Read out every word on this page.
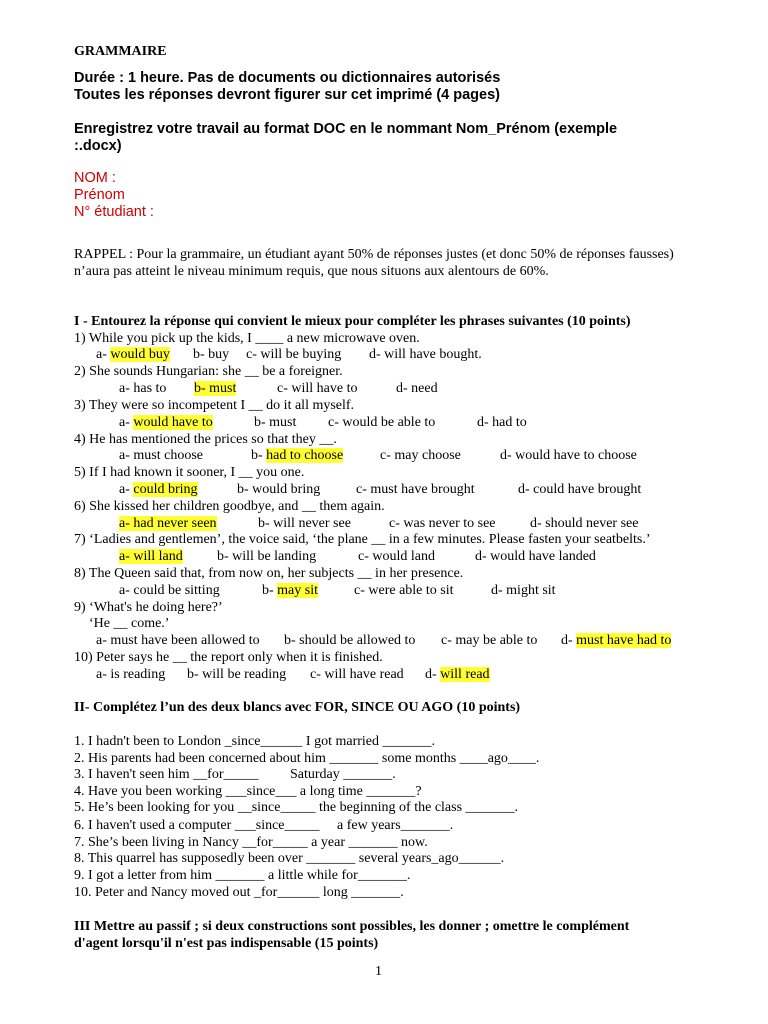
GRAMMAIRE
Durée : 1 heure. Pas de documents ou dictionnaires autorisés
Toutes les réponses devront figurer sur cet imprimé (4 pages)
Enregistrez votre travail au format DOC en le nommant Nom_Prénom (exemple
:.docx)
NOM :
Prénom
N° étudiant :
RAPPEL : Pour la grammaire, un étudiant ayant 50% de réponses justes (et donc 50% de réponses fausses) n’aura pas atteint le niveau minimum requis, que nous situons aux alentours de 60%.
I - Entourez la réponse qui convient le mieux pour compléter les phrases suivantes (10 points)
1) While you pick up the kids, I ____ a new microwave oven.
a- would buy b- buy c- will be buying d- will have bought.
2) She sounds Hungarian: she __ be a foreigner.
a- has to b- must	c- will have to	d- need
3) They were so incompetent I __ do it all myself.
a- would have to	b- must c- would be able to	d- had to
4) He has mentioned the prices so that they __.
a- must choose	b- had to choose	c- may choose	d- would have to choose
5) If I had known it sooner, I __ you one.
a- could bring	b- would bring	c- must have brought	d- could have brought
6) She kissed her children goodbye, and __ them again.
a- had never seen	b- will never see	c- was never to see d- should never see
7) ‘Ladies and gentlemen’, the voice said, ‘the plane __ in a few minutes. Please fasten your seatbelts.’
a- will land b- will be landing	c- would land	d- would have landed
8) The Queen said that, from now on, her subjects __ in her presence.
a- could be sitting	b- may sit	c- were able to sit	d- might sit
9) ‘What's he doing here?’
‘He __ come.’
a- must have been allowed to b- should be allowed to c- may be able to d- must have had to
10) Peter says he __ the report only when it is finished.
a- is reading b- will be reading c- will have read d- will read
II- Complétez l’un des deux blancs avec FOR, SINCE OU AGO (10 points)
1. I hadn't been to London _since______ I got married _______.
2. His parents had been concerned about him _______ some months ____ago____.
3. I haven't seen him __for_____         Saturday _______.
4. Have you been working ___since___ a long time _______?
5. He’s been looking for you __since_____ the beginning of the class _______.
6. I haven't used a computer ___since_____     a few years_______.
7. She’s been living in Nancy __for_____ a year _______ now.
8. This quarrel has supposedly been over _______ several years_ago______.
9. I got a letter from him _______ a little while for_______.
10. Peter and Nancy moved out _for______ long _______.
III Mettre au passif ; si deux constructions sont possibles, les donner ; omettre le complément
d'agent lorsqu'il n'est pas indispensable (15 points)
1
